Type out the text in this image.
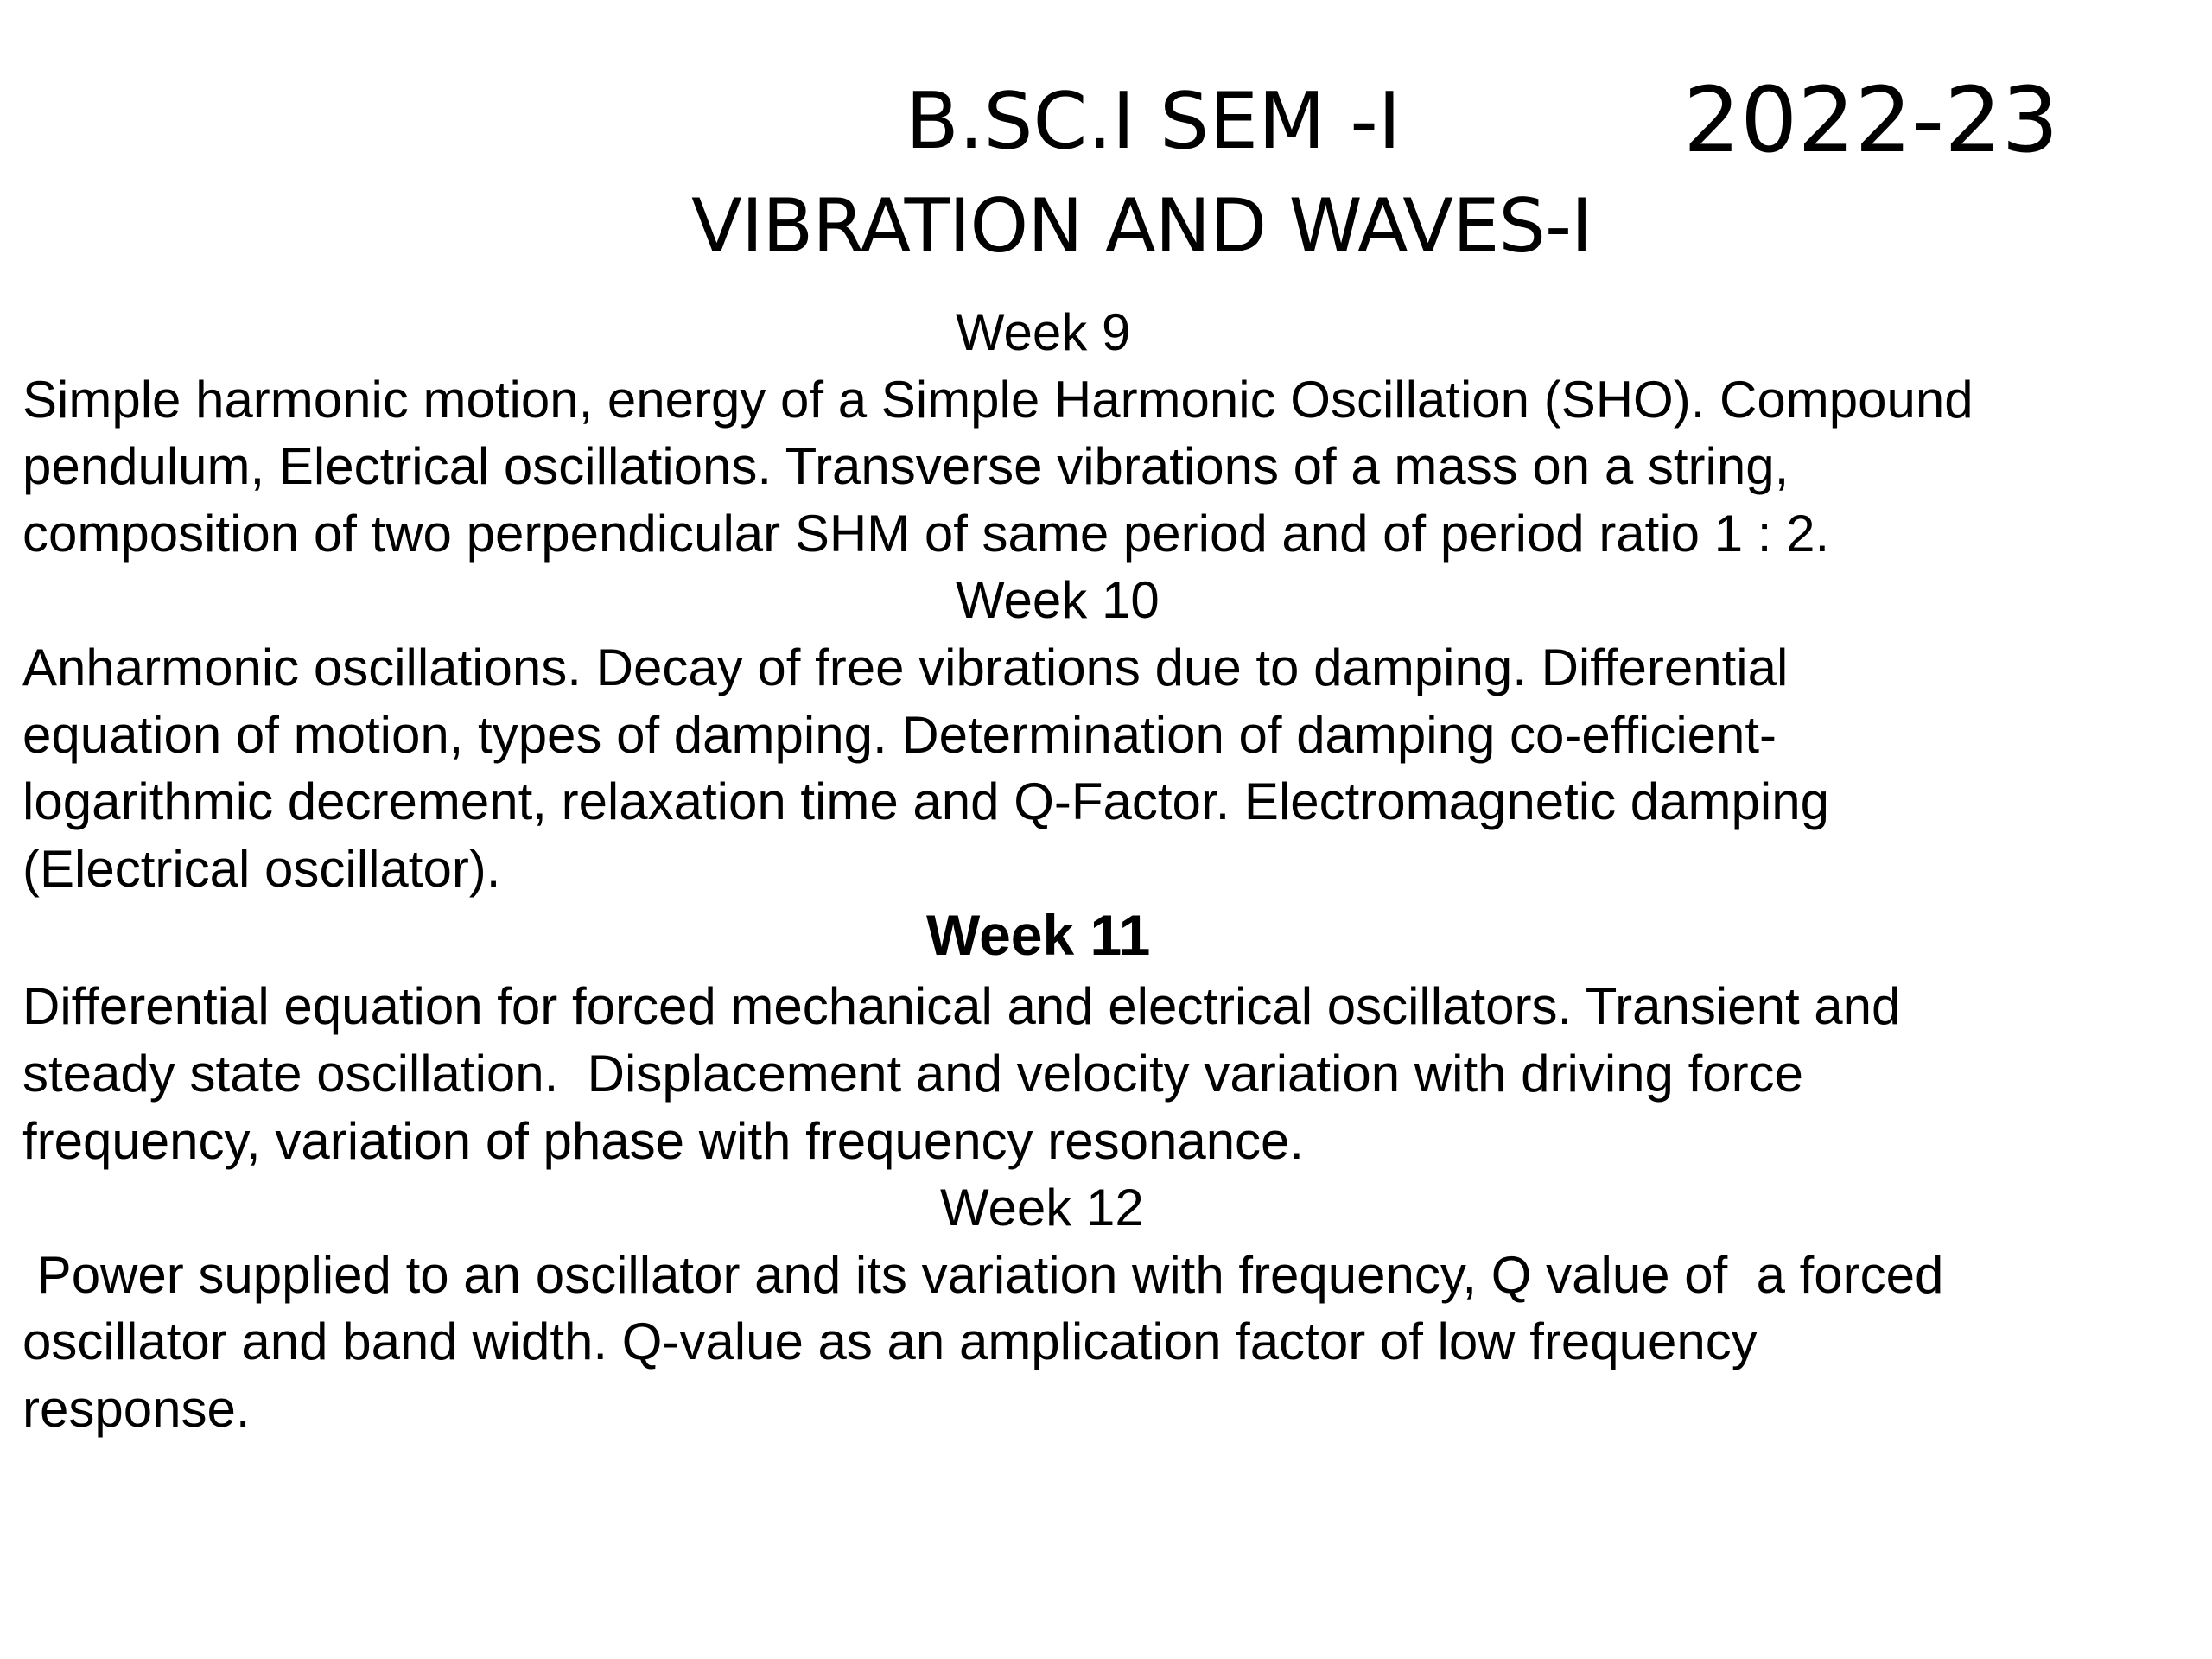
B.SC.I SEM -I	2022-23
VIBRATION AND WAVES-I
Week 9
Simple harmonic motion, energy of a Simple Harmonic Oscillation (SHO). Compound
pendulum, Electrical oscillations. Transverse vibrations of a mass on a string,
composition of two perpendicular SHM of same period and of period ratio 1 : 2.
Week 10
Anharmonic oscillations. Decay of free vibrations due to damping. Differential
equation of motion, types of damping. Determination of damping co-efficient-
logarithmic decrement, relaxation time and Q-Factor. Electromagnetic damping
(Electrical oscillator).
Week 11
Differential equation for forced mechanical and electrical oscillators. Transient and
steady state oscillation.  Displacement and velocity variation with driving force
frequency, variation of phase with frequency resonance.
Week 12
Power supplied to an oscillator and its variation with frequency, Q value of  a forced
oscillator and band width. Q-value as an amplication factor of low frequency
response.
